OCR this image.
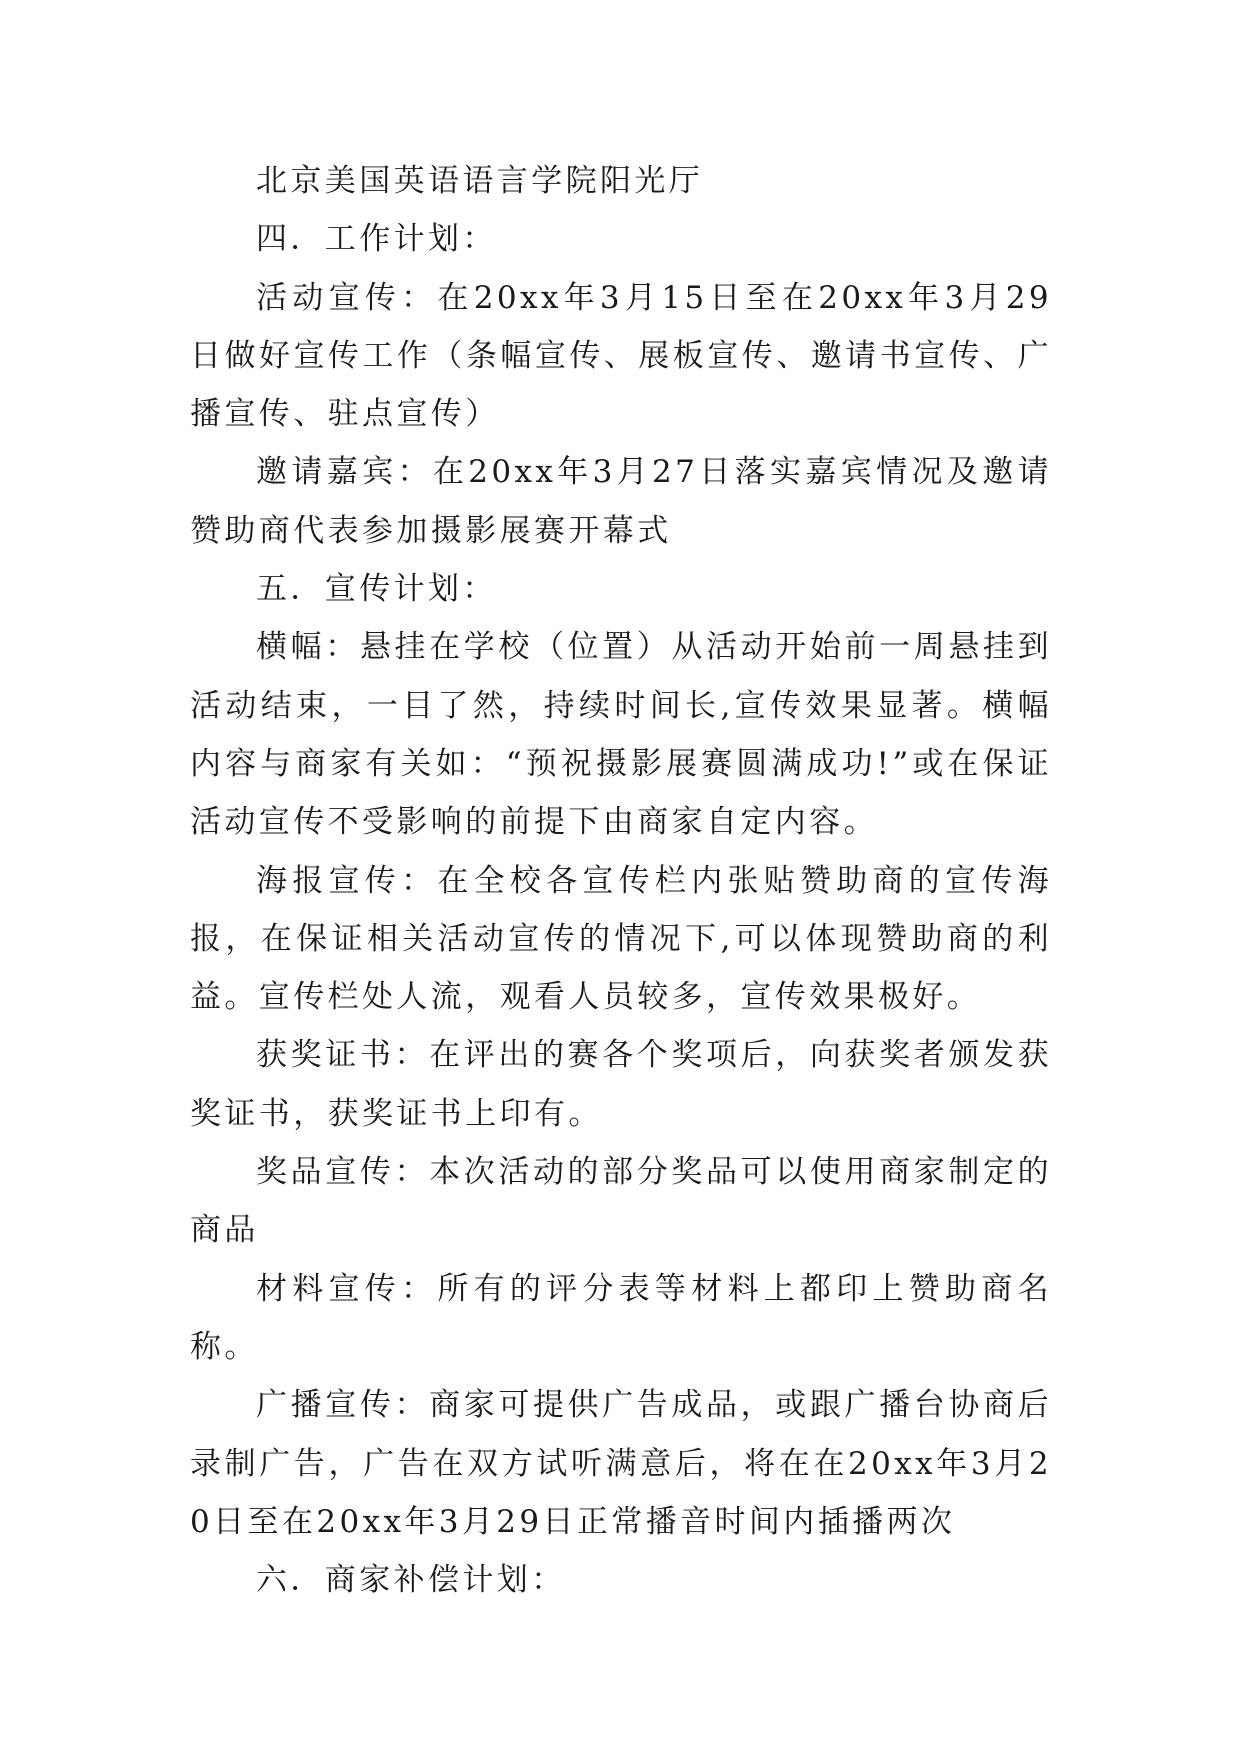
北京美国英语语言学院阳光厅

四．工作计划：

活动宣传：在20xx年3月15日至在20xx年3月29日做好宣传工作（条幅宣传、展板宣传、邀请书宣传、广播宣传、驻点宣传）

邀请嘉宾：在20xx年3月27日落实嘉宾情况及邀请赞助商代表参加摄影展赛开幕式

五．宣传计划：

横幅：悬挂在学校（位置）从活动开始前一周悬挂到活动结束，一目了然，持续时间长,宣传效果显著。横幅内容与商家有关如：“预祝摄影展赛圆满成功!”或在保证活动宣传不受影响的前提下由商家自定内容。

海报宣传：在全校各宣传栏内张贴赞助商的宣传海报，在保证相关活动宣传的情况下,可以体现赞助商的利益。宣传栏处人流，观看人员较多，宣传效果极好。

获奖证书：在评出的赛各个奖项后，向获奖者颁发获奖证书，获奖证书上印有。

奖品宣传：本次活动的部分奖品可以使用商家制定的商品

材料宣传：所有的评分表等材料上都印上赞助商名称。

广播宣传：商家可提供广告成品，或跟广播台协商后录制广告，广告在双方试听满意后，将在在20xx年3月20日至在20xx年3月29日正常播音时间内插播两次

六．商家补偿计划：
